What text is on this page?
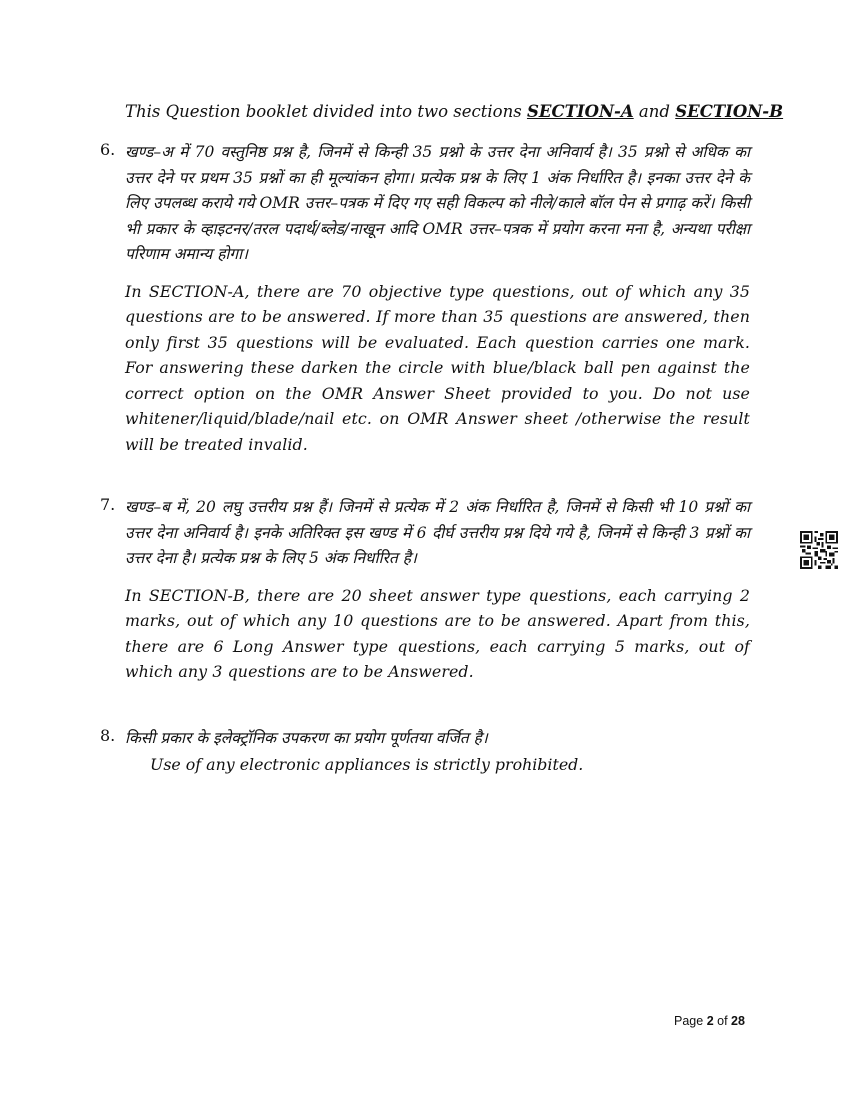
This Question booklet divided into two sections SECTION-A and SECTION-B
6. खण्ड–अ में 70 वस्तुनिष्ठ प्रश्न है, जिनमें से किन्ही 35 प्रश्नो के उत्तर देना अनिवार्य है। 35 प्रश्नो से अधिक का उत्तर देने पर प्रथम 35 प्रश्नों का ही मूल्यांकन होगा। प्रत्येक प्रश्न के लिए 1 अंक निर्धारित है। इनका उत्तर देने के लिए उपलब्ध कराये गये OMR उत्तर–पत्रक में दिए गए सही विकल्प को नीले/काले बॉल पेन से प्रगाढ़ करें। किसी भी प्रकार के व्हाइटनर/तरल पदार्थ/ब्लेड/नाखून आदि OMR उत्तर–पत्रक में प्रयोग करना मना है, अन्यथा परीक्षा परिणाम अमान्य होगा।
In SECTION-A, there are 70 objective type questions, out of which any 35 questions are to be answered. If more than 35 questions are answered, then only first 35 questions will be evaluated. Each question carries one mark. For answering these darken the circle with blue/black ball pen against the correct option on the OMR Answer Sheet provided to you. Do not use whitener/liquid/blade/nail etc. on OMR Answer sheet /otherwise the result will be treated invalid.
7. खण्ड–ब में, 20 लघु उत्तरीय प्रश्न हैं। जिनमें से प्रत्येक में 2 अंक निर्धारित है, जिनमें से किसी भी 10 प्रश्नों का उत्तर देना अनिवार्य है। इनके अतिरिक्त इस खण्ड में 6 दीर्घ उत्तरीय प्रश्न दिये गये है, जिनमें से किन्ही 3 प्रश्नों का उत्तर देना है। प्रत्येक प्रश्न के लिए 5 अंक निर्धारित है।
In SECTION-B, there are 20 sheet answer type questions, each carrying 2 marks, out of which any 10 questions are to be answered. Apart from this, there are 6 Long Answer type questions, each carrying 5 marks, out of which any 3 questions are to be Answered.
8. किसी प्रकार के इलेक्ट्रॉनिक उपकरण का प्रयोग पूर्णतया वर्जित है।
Use of any electronic appliances is strictly prohibited.
Page 2 of 28
